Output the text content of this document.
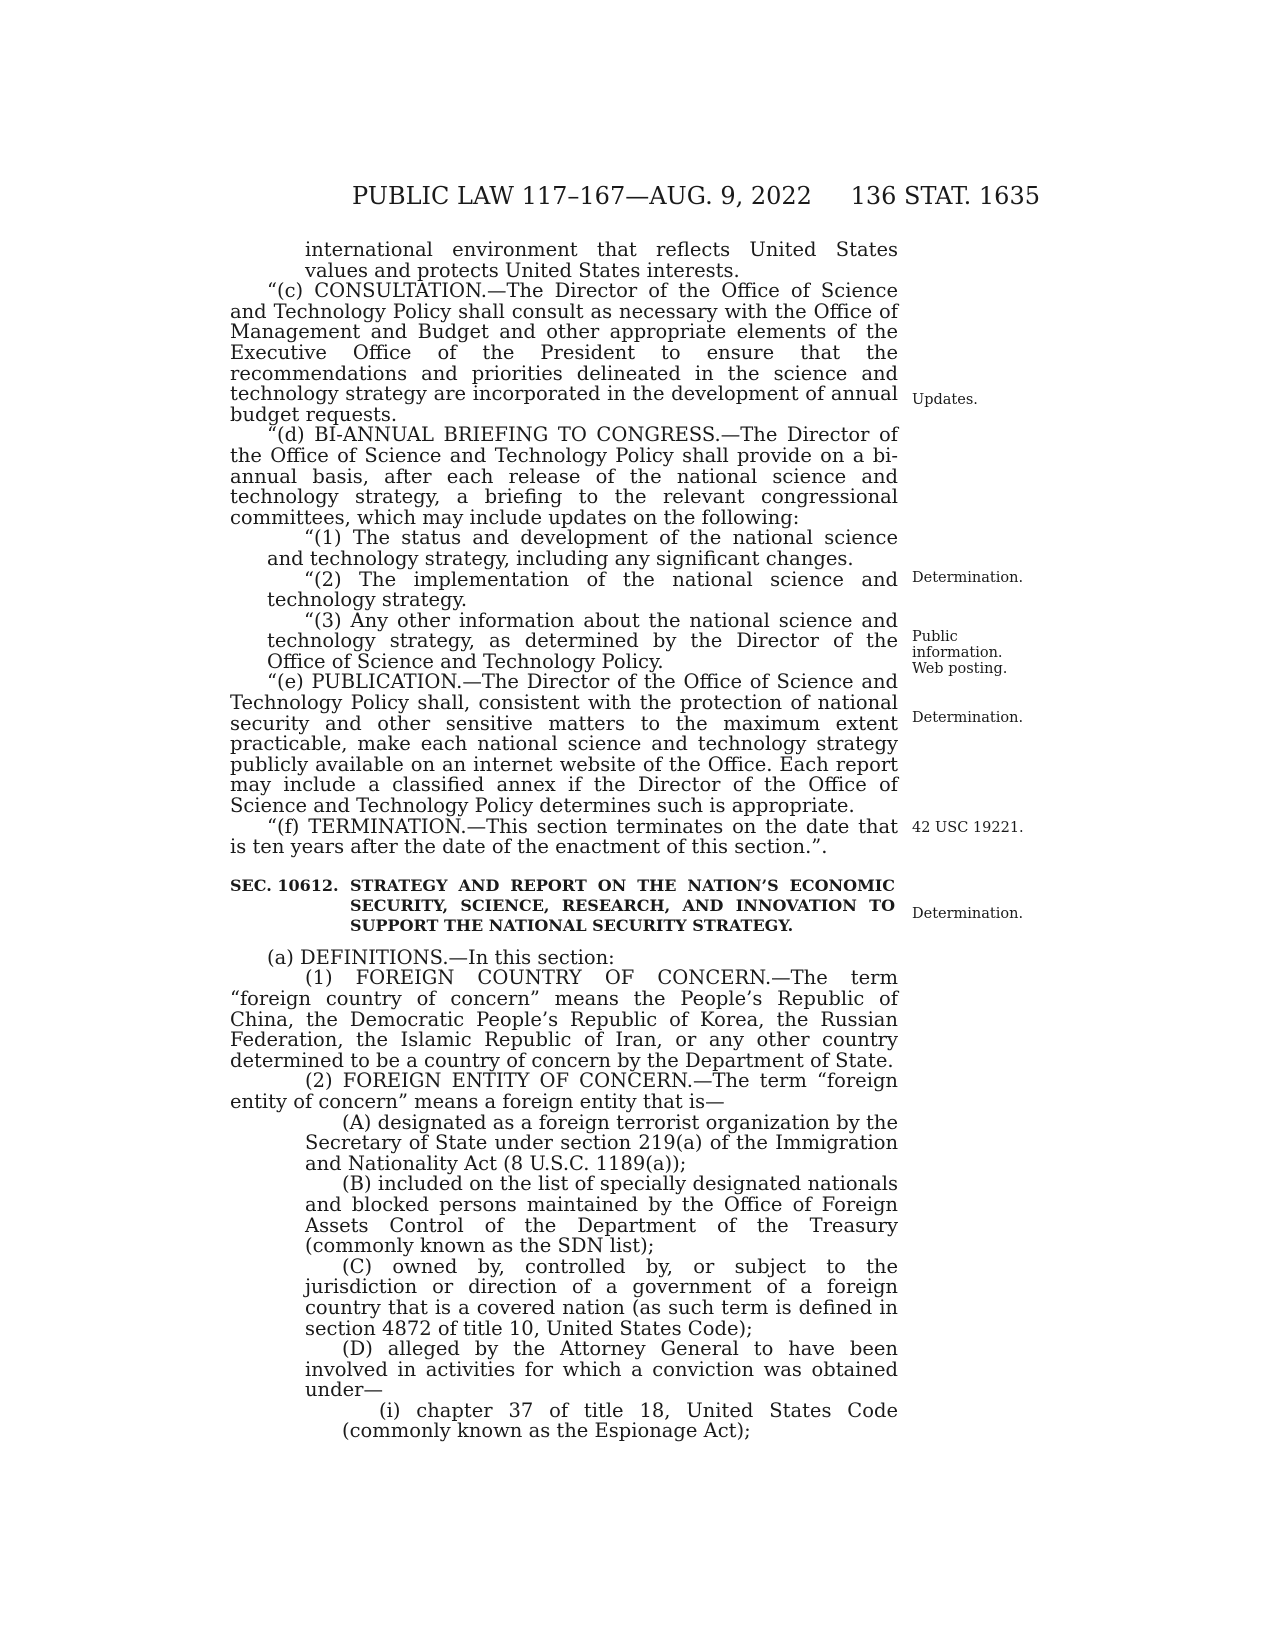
PUBLIC LAW 117–167—AUG. 9, 2022 136 STAT. 1635

international environment that reflects United States values and protects United States interests.

“(c) CONSULTATION.—The Director of the Office of Science and Technology Policy shall consult as necessary with the Office of Management and Budget and other appropriate elements of the Executive Office of the President to ensure that the recommendations and priorities delineated in the science and technology strategy are incorporated in the development of annual budget requests.

“(d) BI-ANNUAL BRIEFING TO CONGRESS.—The Director of the Office of Science and Technology Policy shall provide on a bi-annual basis, after each release of the national science and technology strategy, a briefing to the relevant congressional committees, which may include updates on the following:

“(1) The status and development of the national science and technology strategy, including any significant changes.

“(2) The implementation of the national science and technology strategy.

“(3) Any other information about the national science and technology strategy, as determined by the Director of the Office of Science and Technology Policy.

“(e) PUBLICATION.—The Director of the Office of Science and Technology Policy shall, consistent with the protection of national security and other sensitive matters to the maximum extent practicable, make each national science and technology strategy publicly available on an internet website of the Office. Each report may include a classified annex if the Director of the Office of Science and Technology Policy determines such is appropriate.

“(f) TERMINATION.—This section terminates on the date that is ten years after the date of the enactment of this section.”.

SEC. 10612. STRATEGY AND REPORT ON THE NATION’S ECONOMIC SECURITY, SCIENCE, RESEARCH, AND INNOVATION TO SUPPORT THE NATIONAL SECURITY STRATEGY.

(a) DEFINITIONS.—In this section:

(1) FOREIGN COUNTRY OF CONCERN.—The term “foreign country of concern” means the People’s Republic of China, the Democratic People’s Republic of Korea, the Russian Federation, the Islamic Republic of Iran, or any other country determined to be a country of concern by the Department of State.

(2) FOREIGN ENTITY OF CONCERN.—The term “foreign entity of concern” means a foreign entity that is—

(A) designated as a foreign terrorist organization by the Secretary of State under section 219(a) of the Immigration and Nationality Act (8 U.S.C. 1189(a));

(B) included on the list of specially designated nationals and blocked persons maintained by the Office of Foreign Assets Control of the Department of the Treasury (commonly known as the SDN list);

(C) owned by, controlled by, or subject to the jurisdiction or direction of a government of a foreign country that is a covered nation (as such term is defined in section 4872 of title 10, United States Code);

(D) alleged by the Attorney General to have been involved in activities for which a conviction was obtained under—

(i) chapter 37 of title 18, United States Code (commonly known as the Espionage Act);

Updates.
Determination.
Public information. Web posting.
Determination.
42 USC 19221.
Determination.
